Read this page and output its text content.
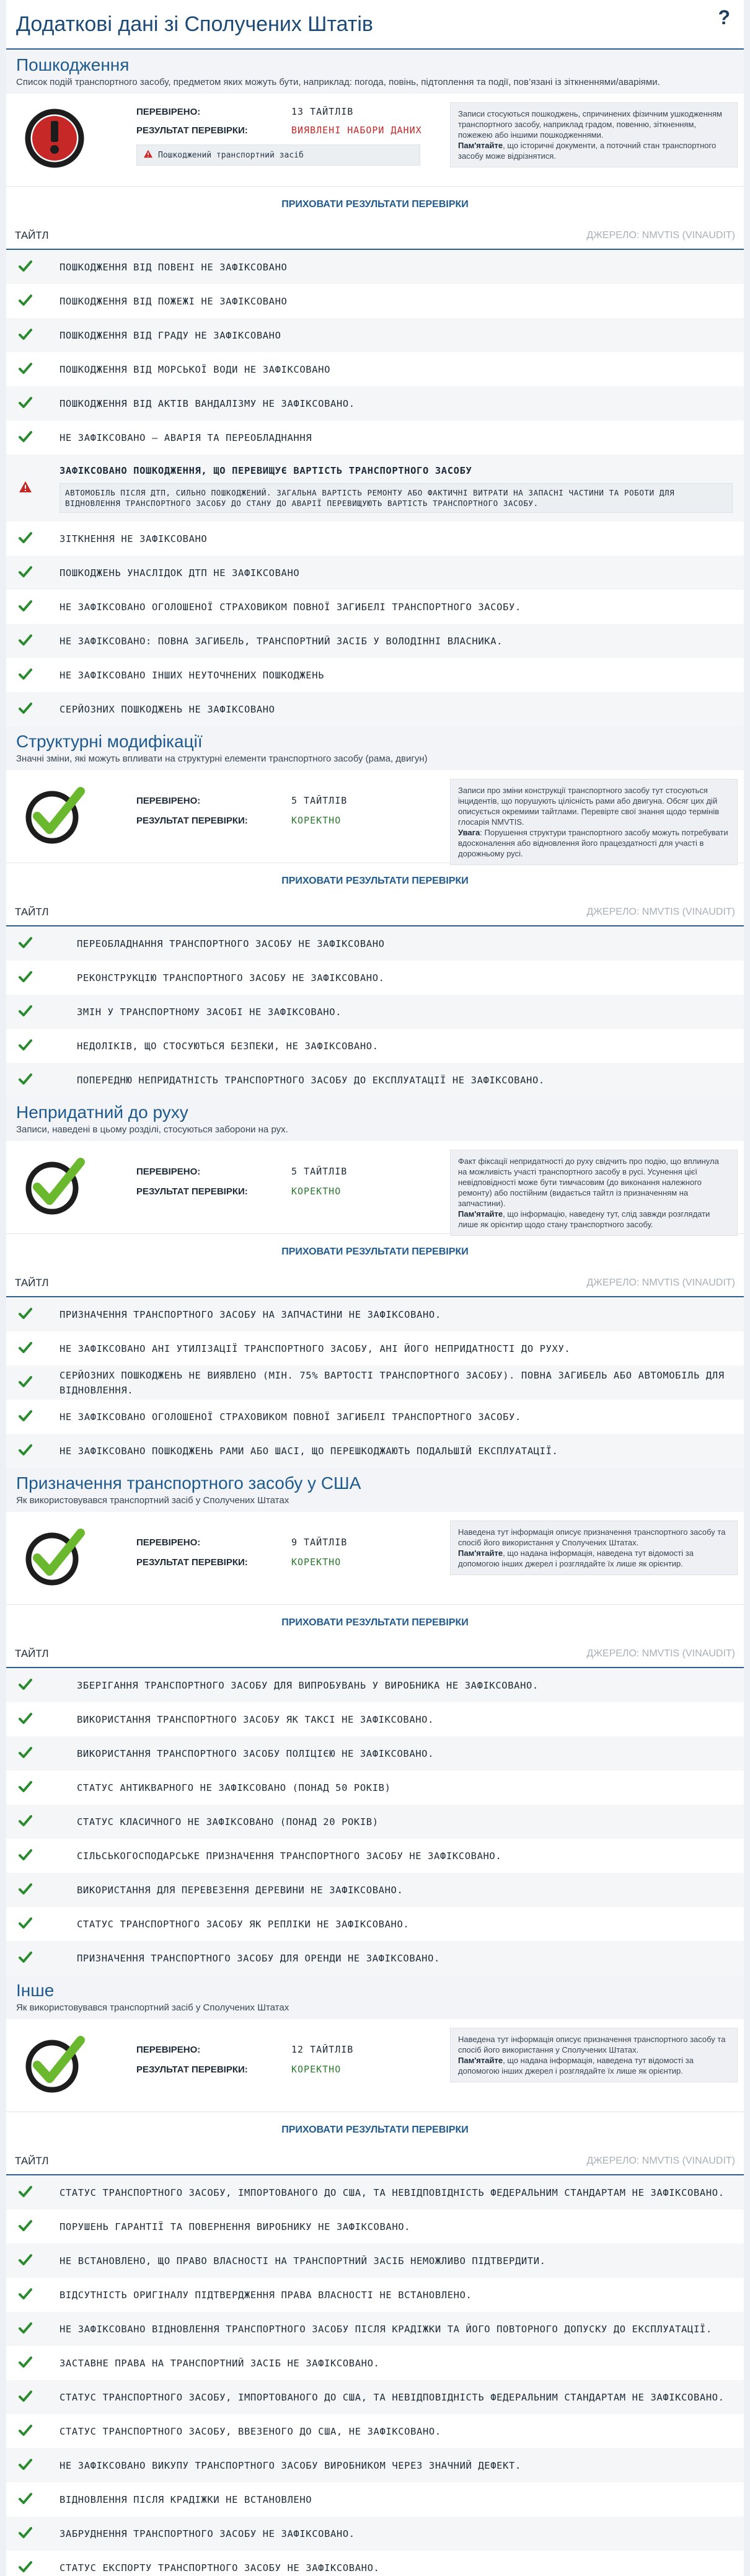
Додаткові дані зі Сполучених Штатів	?
Пошкодження

Список подій транспортного засобу, предметом яких можуть бути, наприклад: погода, повінь, підтоплення та події, пов’язані із зіткненнями/аваріями.

ПЕРЕВІРЕНО:	13 ТАЙТЛІВ
РЕЗУЛЬТАТ ПЕРЕВІРКИ:	ВИЯВЛЕНІ НАБОРИ ДАНИХ
Пошкоджений транспортний засіб
Записи стосуються пошкоджень, спричинених фізичним ушкодженням транспортного засобу, наприклад градом, повенню, зіткненням, пожежею або іншими пошкодженнями.
Пам'ятайте, що історичні документи, а поточний стан транспортного засобу може відрізнятися.
ПРИХОВАТИ РЕЗУЛЬТАТИ ПЕРЕВІРКИ
ТАЙТЛ	ДЖЕРЕЛО: NMVTIS (VINAUDIT)
ПОШКОДЖЕННЯ ВІД ПОВЕНІ НЕ ЗАФІКСОВАНО
ПОШКОДЖЕННЯ ВІД ПОЖЕЖІ НЕ ЗАФІКСОВАНО
ПОШКОДЖЕННЯ ВІД ГРАДУ НЕ ЗАФІКСОВАНО
ПОШКОДЖЕННЯ ВІД МОРСЬКОЇ ВОДИ НЕ ЗАФІКСОВАНО
ПОШКОДЖЕННЯ ВІД АКТІВ ВАНДАЛІЗМУ НЕ ЗАФІКСОВАНО.
НЕ ЗАФІКСОВАНО – АВАРІЯ ТА ПЕРЕОБЛАДНАННЯ
ЗАФІКСОВАНО ПОШКОДЖЕННЯ, ЩО ПЕРЕВИЩУЄ ВАРТІСТЬ ТРАНСПОРТНОГО ЗАСОБУ
АВТОМОБІЛЬ ПІСЛЯ ДТП, СИЛЬНО ПОШКОДЖЕНИЙ. ЗАГАЛЬНА ВАРТІСТЬ РЕМОНТУ АБО ФАКТИЧНІ ВИТРАТИ НА ЗАПАСНІ ЧАСТИНИ ТА РОБОТИ ДЛЯ ВІДНОВЛЕННЯ ТРАНСПОРТНОГО ЗАСОБУ ДО СТАНУ ДО АВАРІЇ ПЕРЕВИЩУЮТЬ ВАРТІСТЬ ТРАНСПОРТНОГО ЗАСОБУ.
ЗІТКНЕННЯ НЕ ЗАФІКСОВАНО
ПОШКОДЖЕНЬ УНАСЛІДОК ДТП НЕ ЗАФІКСОВАНО
НЕ ЗАФІКСОВАНО ОГОЛОШЕНОЇ СТРАХОВИКОМ ПОВНОЇ ЗАГИБЕЛІ ТРАНСПОРТНОГО ЗАСОБУ.
НЕ ЗАФІКСОВАНО: ПОВНА ЗАГИБЕЛЬ, ТРАНСПОРТНИЙ ЗАСІБ У ВОЛОДІННІ ВЛАСНИКА.
НЕ ЗАФІКСОВАНО ІНШИХ НЕУТОЧНЕНИХ ПОШКОДЖЕНЬ
СЕРЙОЗНИХ ПОШКОДЖЕНЬ НЕ ЗАФІКСОВАНО
Структурні модифікації

Значні зміни, які можуть впливати на структурні елементи транспортного засобу (рама, двигун)

ПЕРЕВІРЕНО:	5 ТАЙТЛІВ
РЕЗУЛЬТАТ ПЕРЕВІРКИ:	КОРЕКТНО
Записи про зміни конструкції транспортного засобу тут стосуються інцидентів, що порушують цілісність рами або двигуна. Обсяг цих дій описується окремими тайтлами. Перевірте свої знання щодо термінів глосарія NMVTIS.
Увага: Порушення структури транспортного засобу можуть потребувати вдосконалення або відновлення його працездатності для участі в дорожньому русі.
ПРИХОВАТИ РЕЗУЛЬТАТИ ПЕРЕВІРКИ
ТАЙТЛ	ДЖЕРЕЛО: NMVTIS (VINAUDIT)
ПЕРЕОБЛАДНАННЯ ТРАНСПОРТНОГО ЗАСОБУ НЕ ЗАФІКСОВАНО
РЕКОНСТРУКЦІЮ ТРАНСПОРТНОГО ЗАСОБУ НЕ ЗАФІКСОВАНО.
ЗМІН У ТРАНСПОРТНОМУ ЗАСОБІ НЕ ЗАФІКСОВАНО.
НЕДОЛІКІВ, ЩО СТОСУЮТЬСЯ БЕЗПЕКИ, НЕ ЗАФІКСОВАНО.
ПОПЕРЕДНЮ НЕПРИДАТНІСТЬ ТРАНСПОРТНОГО ЗАСОБУ ДО ЕКСПЛУАТАЦІЇ НЕ ЗАФІКСОВАНО.
Непридатний до руху

Записи, наведені в цьому розділі, стосуються заборони на рух.

ПЕРЕВІРЕНО:	5 ТАЙТЛІВ
РЕЗУЛЬТАТ ПЕРЕВІРКИ:	КОРЕКТНО
Факт фіксації непридатності до руху свідчить про подію, що вплинула на можливість участі транспортного засобу в русі. Усунення цієї невідповідності може бути тимчасовим (до виконання належного ремонту) або постійним (видається тайтл із призначенням на запчастини).
Пам'ятайте, що інформацію, наведену тут, слід завжди розглядати лише як орієнтир щодо стану транспортного засобу.
ПРИХОВАТИ РЕЗУЛЬТАТИ ПЕРЕВІРКИ
ТАЙТЛ	ДЖЕРЕЛО: NMVTIS (VINAUDIT)
ПРИЗНАЧЕННЯ ТРАНСПОРТНОГО ЗАСОБУ НА ЗАПЧАСТИНИ НЕ ЗАФІКСОВАНО.
НЕ ЗАФІКСОВАНО АНІ УТИЛІЗАЦІЇ ТРАНСПОРТНОГО ЗАСОБУ, АНІ ЙОГО НЕПРИДАТНОСТІ ДО РУХУ.
СЕРЙОЗНИХ ПОШКОДЖЕНЬ НЕ ВИЯВЛЕНО (МІН. 75% ВАРТОСТІ ТРАНСПОРТНОГО ЗАСОБУ). ПОВНА ЗАГИБЕЛЬ АБО АВТОМОБІЛЬ ДЛЯ ВІДНОВЛЕННЯ.
НЕ ЗАФІКСОВАНО ОГОЛОШЕНОЇ СТРАХОВИКОМ ПОВНОЇ ЗАГИБЕЛІ ТРАНСПОРТНОГО ЗАСОБУ.
НЕ ЗАФІКСОВАНО ПОШКОДЖЕНЬ РАМИ АБО ШАСІ, ЩО ПЕРЕШКОДЖАЮТЬ ПОДАЛЬШІЙ ЕКСПЛУАТАЦІЇ.
Призначення транспортного засобу у США

Як використовувався транспортний засіб у Сполучених Штатах

ПЕРЕВІРЕНО:	9 ТАЙТЛІВ
РЕЗУЛЬТАТ ПЕРЕВІРКИ:	КОРЕКТНО
Наведена тут інформація описує призначення транспортного засобу та спосіб його використання у Сполучених Штатах.
Пам'ятайте, що надана інформація, наведена тут відомості за допомогою інших джерел і розглядайте їх лише як орієнтир.
ПРИХОВАТИ РЕЗУЛЬТАТИ ПЕРЕВІРКИ
ТАЙТЛ	ДЖЕРЕЛО: NMVTIS (VINAUDIT)
ЗБЕРІГАННЯ ТРАНСПОРТНОГО ЗАСОБУ ДЛЯ ВИПРОБУВАНЬ У ВИРОБНИКА НЕ ЗАФІКСОВАНО.
ВИКОРИСТАННЯ ТРАНСПОРТНОГО ЗАСОБУ ЯК ТАКСІ НЕ ЗАФІКСОВАНО.
ВИКОРИСТАННЯ ТРАНСПОРТНОГО ЗАСОБУ ПОЛІЦІЄЮ НЕ ЗАФІКСОВАНО.
СТАТУС АНТИКВАРНОГО НЕ ЗАФІКСОВАНО (ПОНАД 50 РОКІВ)
СТАТУС КЛАСИЧНОГО НЕ ЗАФІКСОВАНО (ПОНАД 20 РОКІВ)
СІЛЬСЬКОГОСПОДАРСЬКЕ ПРИЗНАЧЕННЯ ТРАНСПОРТНОГО ЗАСОБУ НЕ ЗАФІКСОВАНО.
ВИКОРИСТАННЯ ДЛЯ ПЕРЕВЕЗЕННЯ ДЕРЕВИНИ НЕ ЗАФІКСОВАНО.
СТАТУС ТРАНСПОРТНОГО ЗАСОБУ ЯК РЕПЛІКИ НЕ ЗАФІКСОВАНО.
ПРИЗНАЧЕННЯ ТРАНСПОРТНОГО ЗАСОБУ ДЛЯ ОРЕНДИ НЕ ЗАФІКСОВАНО.
Інше

Як використовувався транспортний засіб у Сполучених Штатах

ПЕРЕВІРЕНО:	12 ТАЙТЛІВ
РЕЗУЛЬТАТ ПЕРЕВІРКИ:	КОРЕКТНО
Наведена тут інформація описує призначення транспортного засобу та спосіб його використання у Сполучених Штатах.
Пам'ятайте, що надана інформація, наведена тут відомості за допомогою інших джерел і розглядайте їх лише як орієнтир.
ПРИХОВАТИ РЕЗУЛЬТАТИ ПЕРЕВІРКИ
ТАЙТЛ	ДЖЕРЕЛО: NMVTIS (VINAUDIT)
СТАТУС ТРАНСПОРТНОГО ЗАСОБУ, ІМПОРТОВАНОГО ДО США, ТА НЕВІДПОВІДНІСТЬ ФЕДЕРАЛЬНИМ СТАНДАРТАМ НЕ ЗАФІКСОВАНО.
ПОРУШЕНЬ ГАРАНТІЇ ТА ПОВЕРНЕННЯ ВИРОБНИКУ НЕ ЗАФІКСОВАНО.
НЕ ВСТАНОВЛЕНО, ЩО ПРАВО ВЛАСНОСТІ НА ТРАНСПОРТНИЙ ЗАСІБ НЕМОЖЛИВО ПІДТВЕРДИТИ.
ВІДСУТНІСТЬ ОРИГІНАЛУ ПІДТВЕРДЖЕННЯ ПРАВА ВЛАСНОСТІ НЕ ВСТАНОВЛЕНО.
НЕ ЗАФІКСОВАНО ВІДНОВЛЕННЯ ТРАНСПОРТНОГО ЗАСОБУ ПІСЛЯ КРАДІЖКИ ТА ЙОГО ПОВТОРНОГО ДОПУСКУ ДО ЕКСПЛУАТАЦІЇ.
ЗАСТАВНЕ ПРАВА НА ТРАНСПОРТНИЙ ЗАСІБ НЕ ЗАФІКСОВАНО.
СТАТУС ТРАНСПОРТНОГО ЗАСОБУ, ІМПОРТОВАНОГО ДО США, ТА НЕВІДПОВІДНІСТЬ ФЕДЕРАЛЬНИМ СТАНДАРТАМ НЕ ЗАФІКСОВАНО.
СТАТУС ТРАНСПОРТНОГО ЗАСОБУ, ВВЕЗЕНОГО ДО США, НЕ ЗАФІКСОВАНО.
НЕ ЗАФІКСОВАНО ВИКУПУ ТРАНСПОРТНОГО ЗАСОБУ ВИРОБНИКОМ ЧЕРЕЗ ЗНАЧНИЙ ДЕФЕКТ.
ВІДНОВЛЕННЯ ПІСЛЯ КРАДІЖКИ НЕ ВСТАНОВЛЕНО
ЗАБРУДНЕННЯ ТРАНСПОРТНОГО ЗАСОБУ НЕ ЗАФІКСОВАНО.
СТАТУС ЕКСПОРТУ ТРАНСПОРТНОГО ЗАСОБУ НЕ ЗАФІКСОВАНО.
